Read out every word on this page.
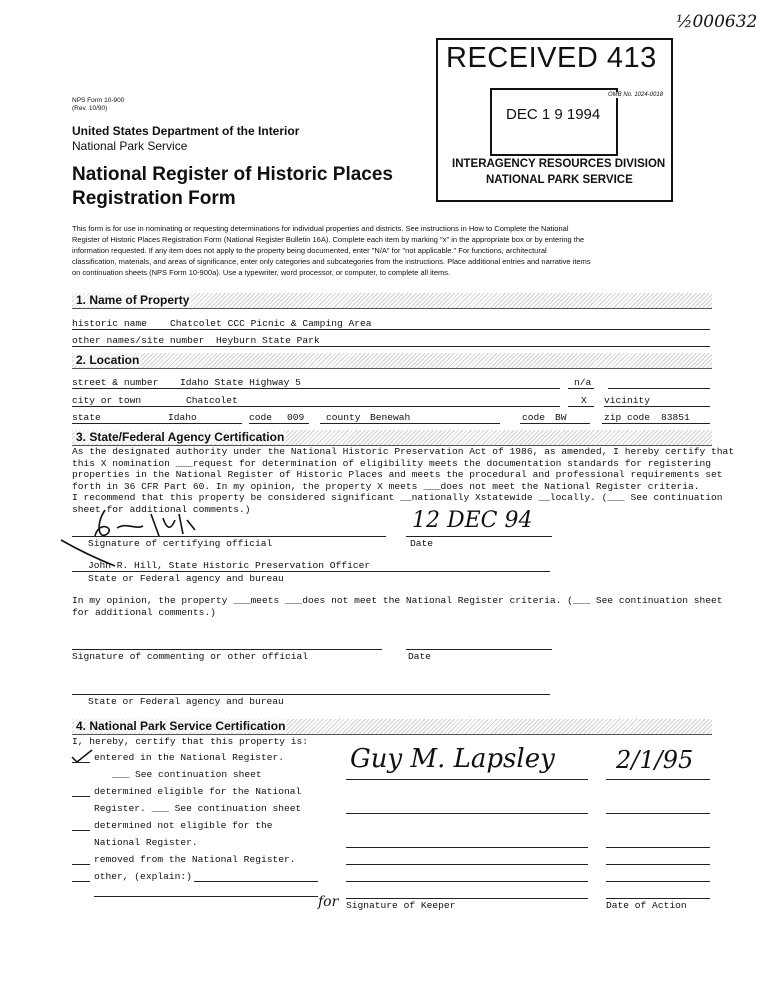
½000632
RECEIVED 413
DEC 1 9 1994
INTERAGENCY RESOURCES DIVISION
NATIONAL PARK SERVICE
OMB No. 1024-0018
NPS Form 10-900
(Rev. 10/90)
United States Department of the Interior
National Park Service
National Register of Historic Places
Registration Form
This form is for use in nominating or requesting determinations for individual properties and districts. See instructions in How to Complete the National
Register of Historic Places Registration Form (National Register Bulletin 16A). Complete each item by marking "x" in the appropriate box or by entering the
information requested. If any item does not apply to the property being documented, enter "N/A" for "not applicable." For functions, architectural
classification, materials, and areas of significance, enter only categories and subcategories from the instructions. Place additional entries and narrative items
on continuation sheets (NPS Form 10-900a). Use a typewriter, word processor, or computer, to complete all items.
1. Name of Property
historic name Chatcolet CCC Picnic & Camping Area
other names/site number Heyburn State Park
2. Location
street & number Idaho State Highway 5	n/a
city or town	Chatcolet	X vicinity
state	Idaho	code 009 county Benewah	code BW	zip code 83851
3. State/Federal Agency Certification
As the designated authority under the National Historic Preservation Act of 1986, as amended, I hereby certify that
this X nomination ___request for determination of eligibility meets the documentation standards for registering
properties in the National Register of Historic Places and meets the procedural and professional requirements set
forth in 36 CFR Part 60. In my opinion, the property X meets ___does not meet the National Register criteria.
I recommend that this property be considered significant __nationally Xstatewide __locally. (___ See continuation
sheet for additional comments.)
Signature of certifying official
12 DEC 94
Date
John R. Hill, State Historic Preservation Officer
State or Federal agency and bureau
In my opinion, the property ___meets ___does not meet the National Register criteria. (___ See continuation sheet
for additional comments.)
Signature of commenting or other official	Date
State or Federal agency and bureau
4. National Park Service Certification
I, hereby, certify that this property is:
entered in the National Register.
___ See continuation sheet
determined eligible for the National
Register. ___ See continuation sheet
determined not eligible for the
National Register.
removed from the National Register.
other, (explain:)
Guy M. Lapsley	2/1/95
for Signature of Keeper	Date of Action
